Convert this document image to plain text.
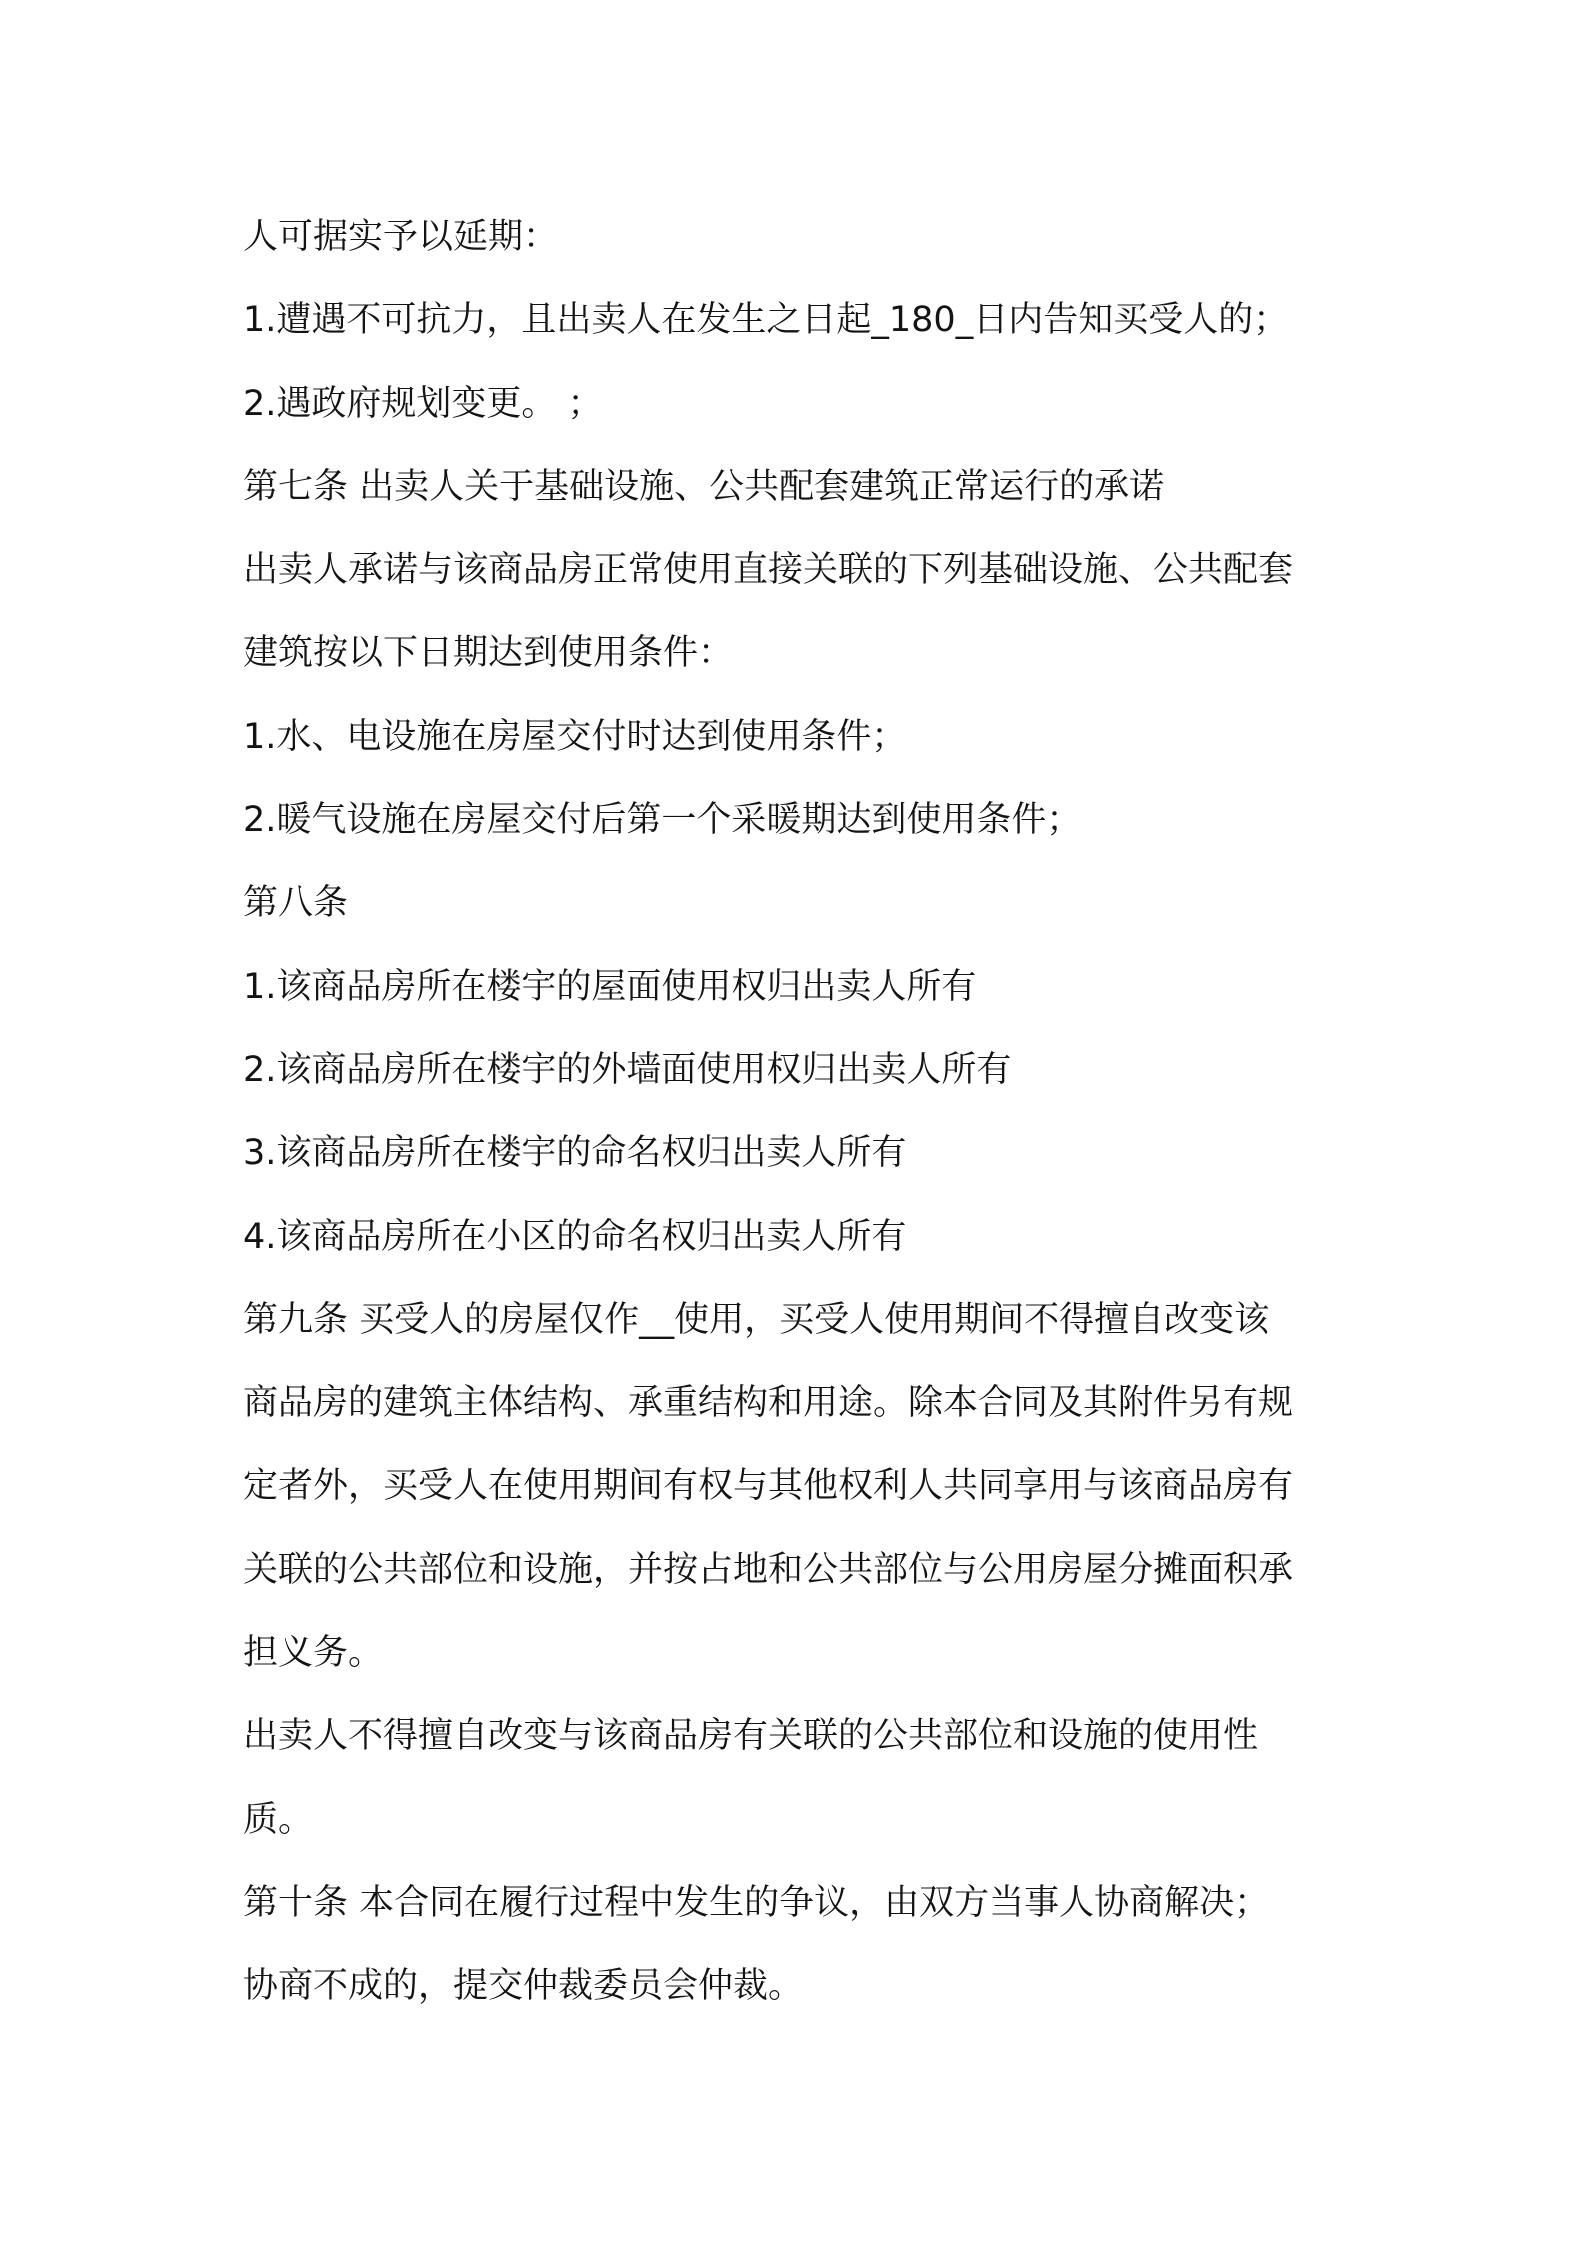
人可据实予以延期：
1.遭遇不可抗力，且出卖人在发生之日起_180_日内告知买受人的；
2.遇政府规划变更。 ；
第七条 出卖人关于基础设施、公共配套建筑正常运行的承诺
出卖人承诺与该商品房正常使用直接关联的下列基础设施、公共配套
建筑按以下日期达到使用条件：
1.水、电设施在房屋交付时达到使用条件；
2.暖气设施在房屋交付后第一个采暖期达到使用条件；
第八条
1.该商品房所在楼宇的屋面使用权归出卖人所有
2.该商品房所在楼宇的外墙面使用权归出卖人所有
3.该商品房所在楼宇的命名权归出卖人所有
4.该商品房所在小区的命名权归出卖人所有
第九条 买受人的房屋仅作__使用，买受人使用期间不得擅自改变该
商品房的建筑主体结构、承重结构和用途。除本合同及其附件另有规
定者外，买受人在使用期间有权与其他权利人共同享用与该商品房有
关联的公共部位和设施，并按占地和公共部位与公用房屋分摊面积承
担义务。
出卖人不得擅自改变与该商品房有关联的公共部位和设施的使用性
质。
第十条 本合同在履行过程中发生的争议，由双方当事人协商解决；
协商不成的，提交仲裁委员会仲裁。
